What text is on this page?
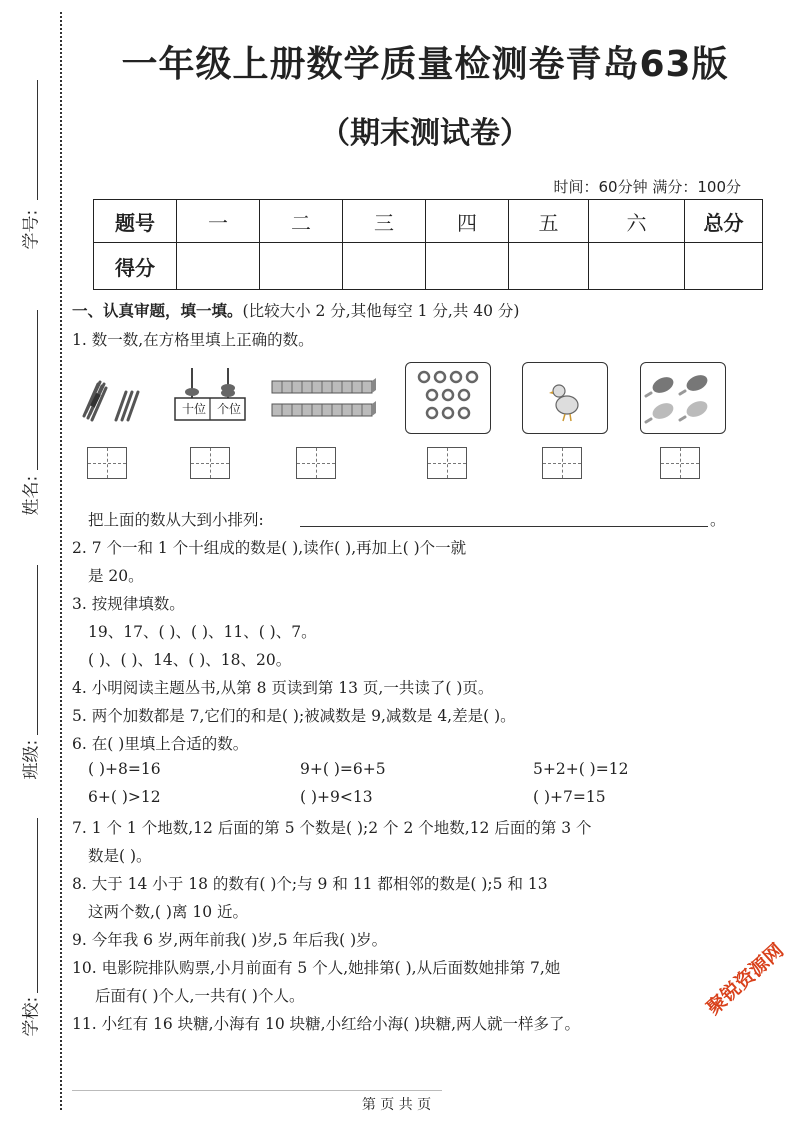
学号:
姓名:
班级:
学校:
一年级上册数学质量检测卷青岛63版
（期末测试卷）
时间：60分钟 满分：100分
题号	一	二	三	四	五	六	总分
得分							
一、认真审题，填一填。(比较大小 2 分,其他每空 1 分,共 40 分)
1. 数一数,在方格里填上正确的数。
十位 个位
把上面的数从大到小排列:	。
2. 7 个一和 1 个十组成的数是( ),读作( ),再加上( )个一就
是 20。
3. 按规律填数。
19、17、( )、( )、11、( )、7。
( )、( )、14、( )、18、20。
4. 小明阅读主题丛书,从第 8 页读到第 13 页,一共读了( )页。
5. 两个加数都是 7,它们的和是( );被减数是 9,减数是 4,差是( )。
6. 在( )里填上合适的数。
( )+8=16	9+( )=6+5	5+2+( )=12
6+( )>12	( )+9<13	( )+7=15
7. 1 个 1 个地数,12 后面的第 5 个数是( );2 个 2 个地数,12 后面的第 3 个
数是( )。
8. 大于 14 小于 18 的数有( )个;与 9 和 11 都相邻的数是( );5 和 13
这两个数,( )离 10 近。
9. 今年我 6 岁,两年前我( )岁,5 年后我( )岁。
10. 电影院排队购票,小月前面有 5 个人,她排第( ),从后面数她排第 7,她
后面有( )个人,一共有( )个人。
11. 小红有 16 块糖,小海有 10 块糖,小红给小海( )块糖,两人就一样多了。
聚锐资源网
第 页 共 页
